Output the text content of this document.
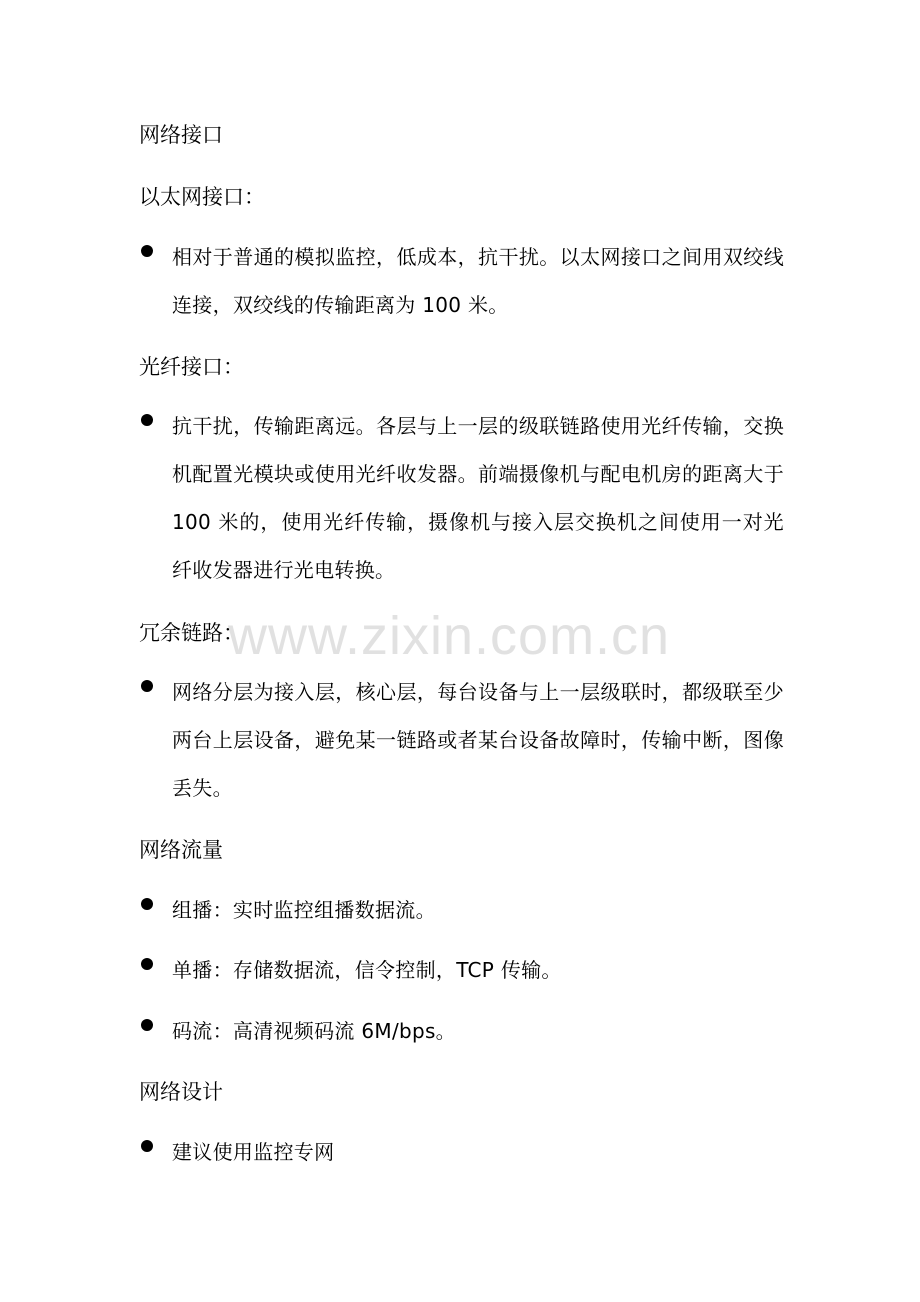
网络接口
以太网接口：
相对于普通的模拟监控，低成本，抗干扰。以太网接口之间用双绞线连接，双绞线的传输距离为 100 米。
光纤接口：
抗干扰，传输距离远。各层与上一层的级联链路使用光纤传输，交换机配置光模块或使用光纤收发器。前端摄像机与配电机房的距离大于 100 米的，使用光纤传输，摄像机与接入层交换机之间使用一对光纤收发器进行光电转换。
冗余链路：
网络分层为接入层，核心层，每台设备与上一层级联时，都级联至少两台上层设备，避免某一链路或者某台设备故障时，传输中断，图像丢失。
网络流量
组播：实时监控组播数据流。
单播：存储数据流，信令控制，TCP 传输。
码流：高清视频码流 6M/bps。
网络设计
建议使用监控专网
www.zixin.com.cn
